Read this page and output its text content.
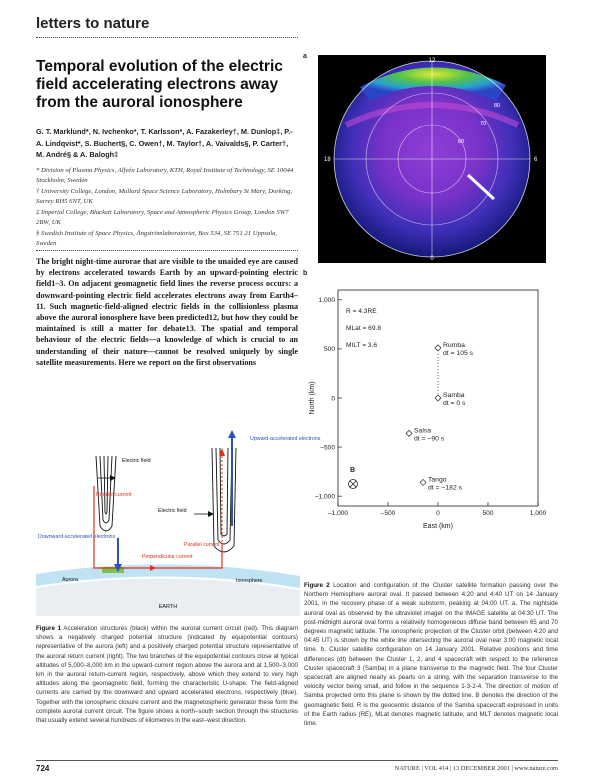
letters to nature
Temporal evolution of the electric field accelerating electrons away from the auroral ionosphere
G. T. Marklund*, N. Ivchenko*, T. Karlsson*, A. Fazakerley†, M. Dunlop‡, P.-A. Lindqvist*, S. Buchert§, C. Owen†, M. Taylor†, A. Vaivalds§, P. Carter†, M. André§ & A. Balogh‡

* Division of Plasma Physics, Alfvén Laboratory, KTH, Royal Institute of Technology, SE 10044 Stockholm, Sweden

† University College, London, Mullard Space Science Laboratory, Holmbury St Mary, Dorking, Surrey RH5 6NT, UK

‡ Imperial College, Blackett Laboratory, Space and Atmospheric Physics Group, London SW7 2BW, UK

§ Swedish Institute of Space Physics, Ångströmlaboratoriet, Box 534, SE 751 21 Uppsala, Sweden

The bright night-time aurorae that are visible to the unaided eye are caused by electrons accelerated towards Earth by an upward-pointing electric field1–3. On adjacent geomagnetic field lines the reverse process occurs: a downward-pointing electric field accelerates electrons away from Earth4–11. Such magnetic-field-aligned electric fields in the collisionless plasma above the auroral ionosphere have been predicted12, but how they could be maintained is still a matter for debate13. The spatial and temporal behaviour of the electric fields—a knowledge of which is crucial to an understanding of their nature—cannot be resolved uniquely by single satellite measurements. Here we report on the first observations
a
12
18	6
0
80
70
60
b
1,000
500
0
–500
–1,000
–1,000	–500	0	500	1,000
Rumba
dt = 105 s
Samba
dt = 0 s
Salsa
dt = −90 s
Tango
dt = −182 s
R = 4.3RE
MLat = 69.8
MILT = 3.6
B
East (km)
North (km)
Upward-accelerated electrons
Downward-accelerated electrons
Electric field
Electric field
Parallel current
Parallel current
Perpendicular current
Aurora	Ionosphere
EARTH
Figure 1 Acceleration structures (black) within the auroral current circuit (red). This diagram shows a negatively charged potential structure (indicated by equipotential contours) representative of the aurora (left) and a positively charged potential structure representative of the auroral return current (right). The two branches of the equipotential contours close at typical altitudes of 5,000–8,000 km in the upward-current region above the aurora and at 1,500–3,000 km in the auroral return-current region, respectively, above which they extend to very high altitudes along the geomagnetic field, forming the characteristic U-shape. The field-aligned currents are carried by the downward and upward accelerated electrons, respectively (blue). Together with the ionospheric closure current and the magnetospheric generator these form the complete auroral current circuit. The figure shows a north–south section through the structures that usually extend several hundreds of kilometres in the east–west direction.
Figure 2 Location and configuration of the Cluster satellite formation passing over the Northern Hemisphere auroral oval. It passed between 4:20 and 4:40 UT on 14 January 2001, in the recovery phase of a weak substorm, peaking at 04:00 UT. a, The nightside auroral oval as observed by the ultraviolet imager on the IMAGE satellite at 04:30 UT. The post-midnight auroral oval forms a relatively homogeneous diffuse band between 65 and 70 degrees magnetic latitude. The ionospheric projection of the Cluster orbit (between 4:20 and 04:45 UT) is shown by the white line intersecting the auroral oval near 3:00 magnetic local time. b, Cluster satellite configuration on 14 January 2001. Relative positions and time differences (dt) between the Cluster 1, 2, and 4 spacecraft with respect to the reference Cluster spacecraft 3 (Samba) in a plane transverse to the magnetic field. The four Cluster spacecraft are aligned nearly as pearls on a string, with the separation transverse to the velocity vector being small, and follow in the sequence 1-3-2-4. The direction of motion of Samba projected onto this plane is shown by the dotted line. B denotes the direction of the geomagnetic field. R is the geocentric distance of the Samba spacecraft expressed in units of the Earth radius (RE), MLat denotes magnetic latitude, and MLT denotes magnetic local time.
724	NATURE | VOL 414 | 13 DECEMBER 2001 | www.nature.com
